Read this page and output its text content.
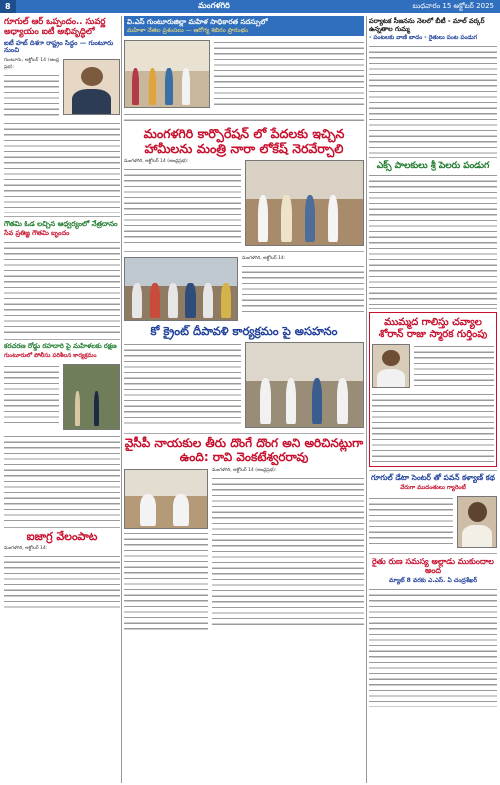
8	మంగళగిరి	బుధవారం 15 అక్టోబర్ 2025
గూగుల్ ఆర్ ఒప్పందం.. సువర్ణ అధ్యాయం ఐటీ అభివృద్ధిలో
ఐటీ హబ్ దిశగా రాష్ట్రం సిద్ధం — గుంటూరు నుంచి
గుంటూరు, అక్టోబర్ 14 (ఆంధ్రప్రభ):
గౌతమి ఓడ లచ్చిన ఆధ్వర్యంలో నేత్రదానం
సేవ ప్రతిజ్ఞ గౌతమి బృందం
కరచరణ రోడ్డు రహదారి పై మహిళలకు రక్షణ
గుంటూరులో పోలీసు పరిశీలన కార్యక్రమం
ఐజాగ్ర వేలంపాట
మంగళగిరి, అక్టోబర్ 14:
వి.ఎస్ గుంటూరుజిల్లా మహిళ సాధికారత సదస్సులో
మహిళా నేతల ప్రశంసలు — ఆరోగ్య శిబిరం ప్రారంభం
మంగళగిరి కార్పొరేషన్ లో పేదలకు ఇచ్చిన హామీలను మంత్రి నారా లోకేష్ నెరవేర్చాలి
మంగళగిరి, అక్టోబర్ 14 (ఆంధ్రప్రభ):
మంగళగిరి, అక్టోబర్ 14:
కో క్రైంట్ దీపావళి కార్యక్రమం పై అసహనం
వైసీపీ నాయకుల తీరు దొంగే దొంగ అని అరిచినట్లుగా ఉంది: రావి వెంకటేశ్వరరావు
మంగళగిరి, అక్టోబర్ 14 (ఆంధ్రప్రభ):
పర్యాటక సీజనను నెలలో బీటీ - మాల్ వర్కర్ ఉన్నతాల గుమ్మ
- పంటలకు వాణి బాదం - రైతులు పంట పండుగ
ఎక్స్ పాలకులు శ్రీ పెలరు పండుగ
ముమ్మద గాలిస్తు చవ్యాల శోరాన్ రాజు స్మారక గుర్తింపు
గూగుల్ డేటా సెంటర్ తో పవన్ కళ్యాణ్ కథ
వేరుగా ముదంతులు గ్యారెంటీ
రైతు రుణ సమస్య అల్లాడు ముకుందాల అంద
మ్యాట్ 8 వరకు ఎ.ఎస్. ఏ చంద్రశేఖర్
